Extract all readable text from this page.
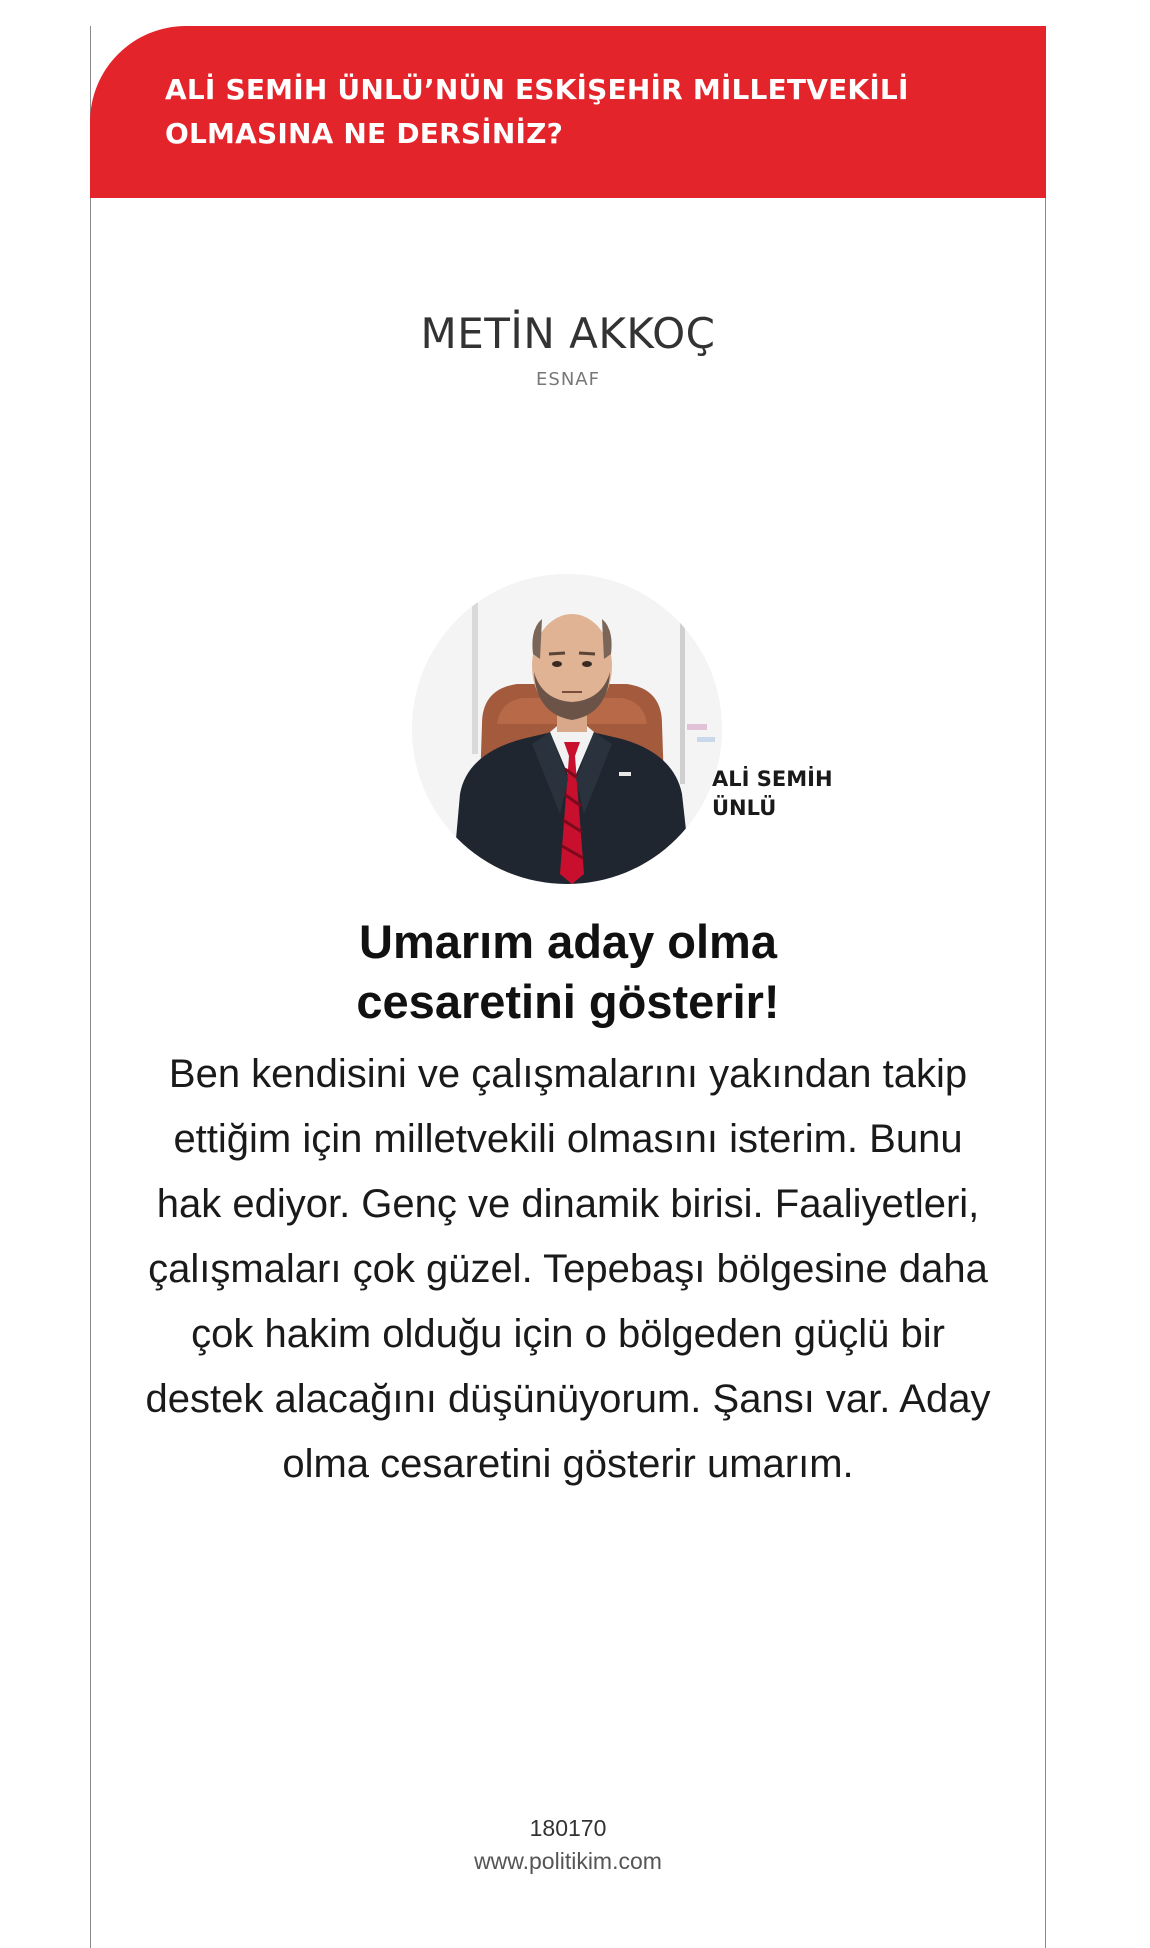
ALİ SEMİH ÜNLÜ’NÜN ESKİŞEHİR MİLLETVEKİLİ OLMASINA NE DERSİNİZ?

METİN AKKOÇ

ESNAF

ALİ SEMİH ÜNLÜ

Umarım aday olma cesaretini gösterir!

Ben kendisini ve çalışmalarını yakından takip ettiğim için milletvekili olmasını isterim. Bunu hak ediyor. Genç ve dinamik birisi. Faaliyetleri, çalışmaları çok güzel. Tepebaşı bölgesine daha çok hakim olduğu için o bölgeden güçlü bir destek alacağını düşünüyorum. Şansı var. Aday olma cesaretini gösterir umarım.

180170

www.politikim.com
